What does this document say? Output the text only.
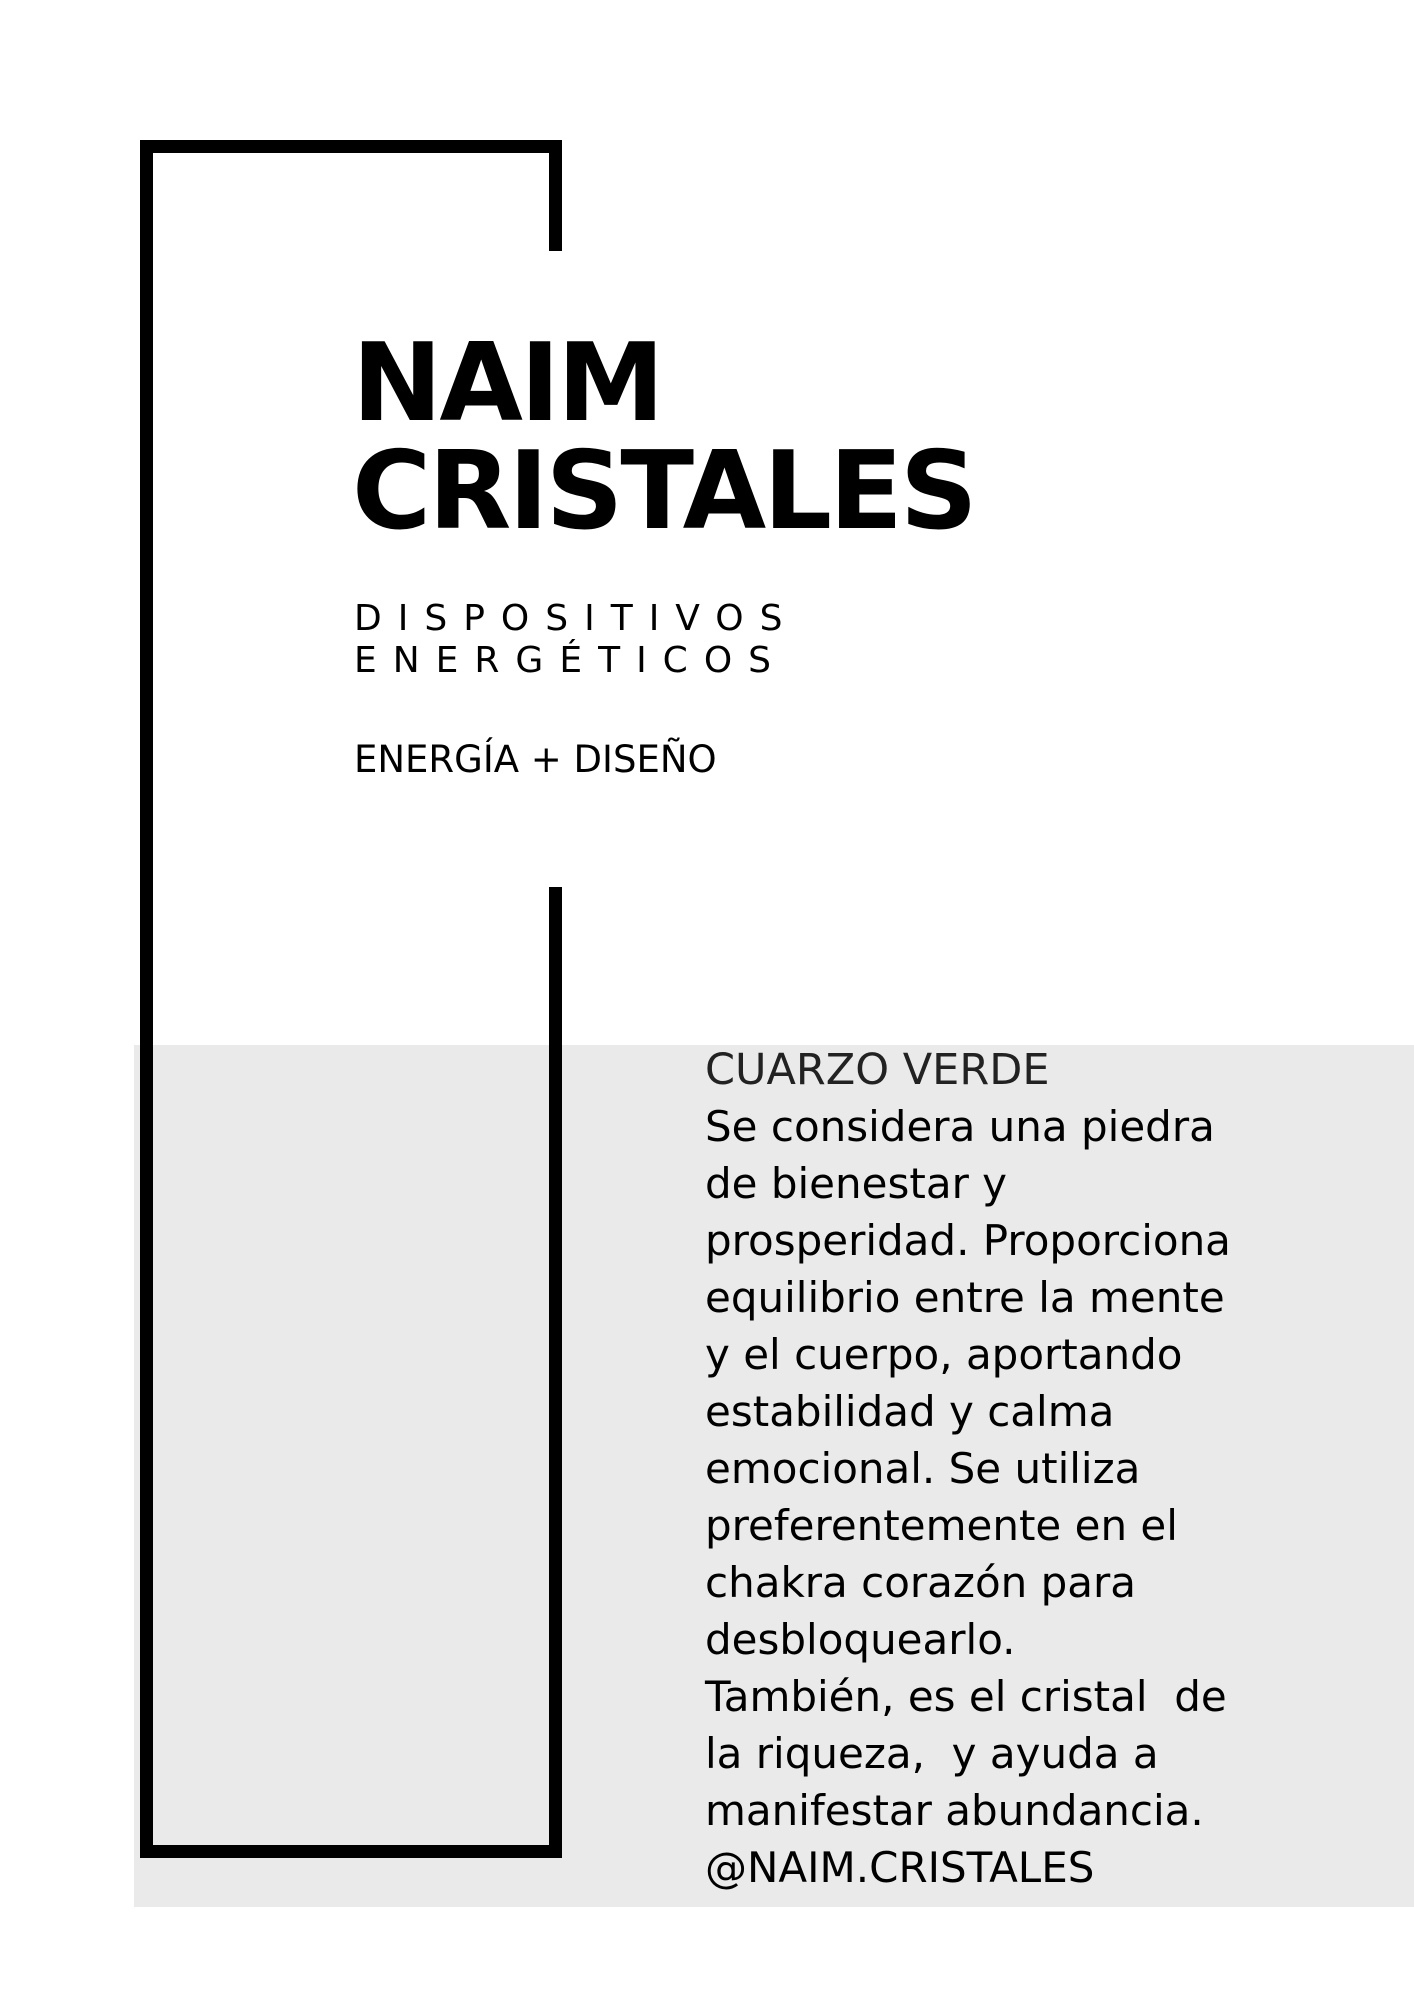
NAIM
CRISTALES
DISPOSITIVOS
ENERGÉTICOS
ENERGÍA + DISEÑO
CUARZO VERDE
Se considera una piedra
de bienestar y
prosperidad. Proporciona
equilibrio entre la mente
y el cuerpo, aportando
estabilidad y calma
emocional. Se utiliza
preferentemente en el
chakra corazón para
desbloquearlo.
También, es el cristal  de
la riqueza,  y ayuda a
manifestar abundancia.
@NAIM.CRISTALES
